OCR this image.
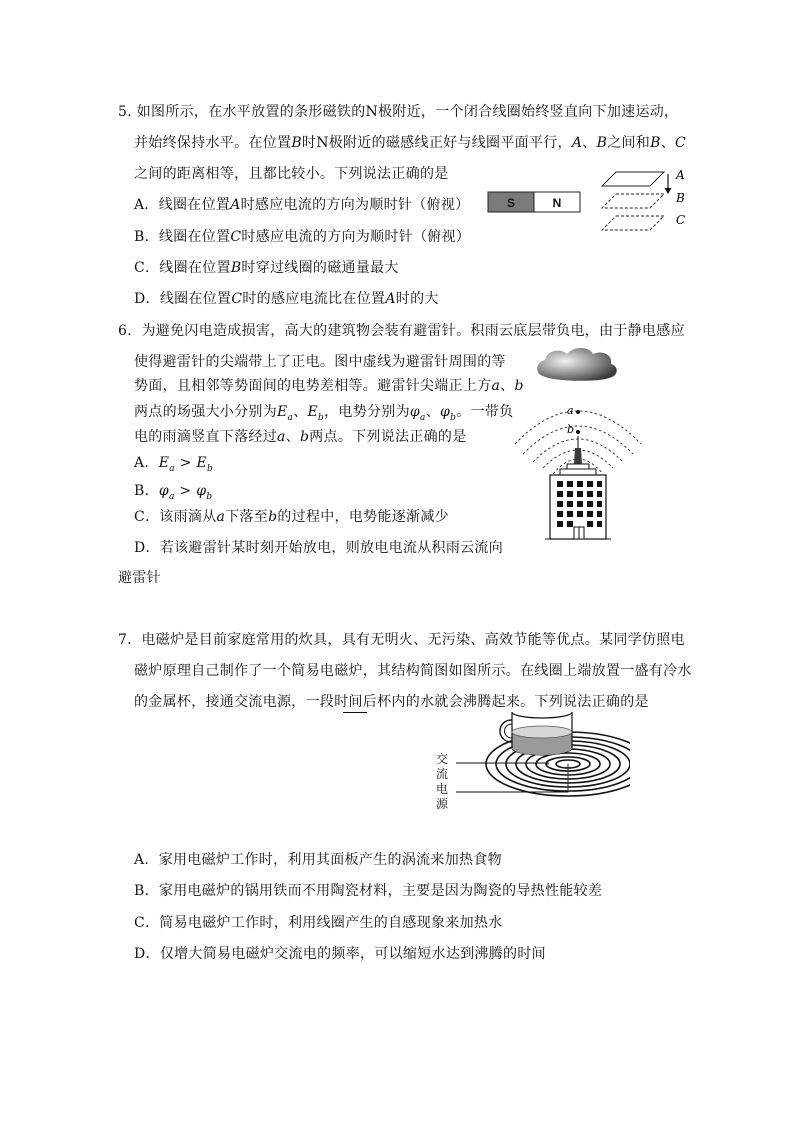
5. 如图所示，在水平放置的条形磁铁的N极附近，一个闭合线圈始终竖直向下加速运动，
并始终保持水平。在位置B时N极附近的磁感线正好与线圈平面平行，A、B之间和B、C
之间的距离相等，且都比较小。下列说法正确的是
A．线圈在位置A时感应电流的方向为顺时针（俯视）
B．线圈在位置C时感应电流的方向为顺时针（俯视）
C．线圈在位置B时穿过线圈的磁通量最大
D．线圈在位置C时的感应电流比在位置A时的大
S	N
A
B
C
6．为避免闪电造成损害，高大的建筑物会装有避雷针。积雨云底层带负电，由于静电感应
使得避雷针的尖端带上了正电。图中虚线为避雷针周围的等
势面，且相邻等势面间的电势差相等。避雷针尖端正上方a、b
两点的场强大小分别为$E_a$、$E_b$，电势分别为$\varphi_a$、$\varphi_b$。一带负
电的雨滴竖直下落经过a、b两点。下列说法正确的是
A．$E_a > E_b$
B．$\varphi_a > \varphi_b$
C．该雨滴从a下落至b的过程中，电势能逐渐减少
D．若该避雷针某时刻开始放电，则放电电流从积雨云流向
避雷针
a
b
7．电磁炉是目前家庭常用的炊具，具有无明火、无污染、高效节能等优点。某同学仿照电
磁炉原理自己制作了一个简易电磁炉，其结构简图如图所示。在线圈上端放置一盛有冷水
的金属杯，接通交流电源，一段时间后杯内的水就会沸腾起来。下列说法正确的是
交
流
电
源
A．家用电磁炉工作时，利用其面板产生的涡流来加热食物
B．家用电磁炉的锅用铁而不用陶瓷材料，主要是因为陶瓷的导热性能较差
C．简易电磁炉工作时，利用线圈产生的自感现象来加热水
D．仅增大简易电磁炉交流电的频率，可以缩短水达到沸腾的时间
